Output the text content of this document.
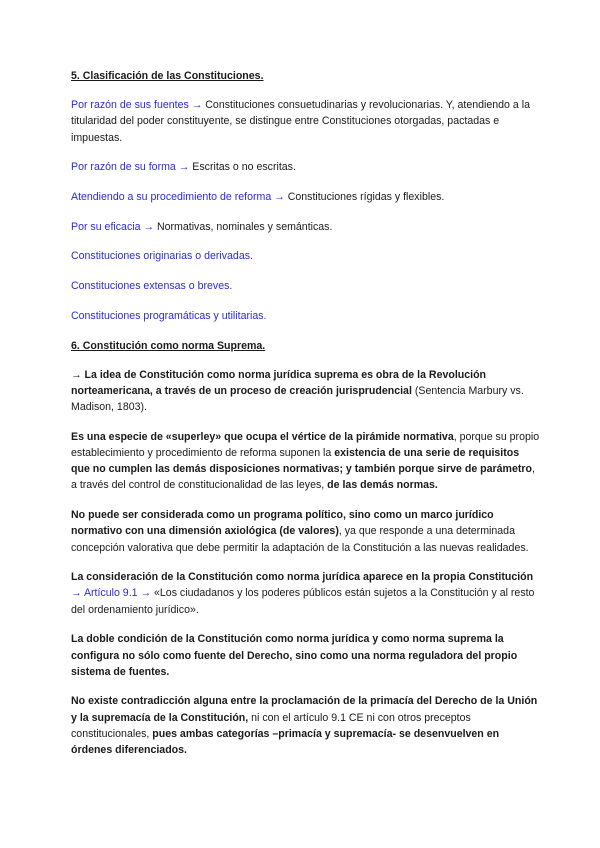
5. Clasificación de las Constituciones.
Por razón de sus fuentes → Constituciones consuetudinarias y revolucionarias. Y, atendiendo a la titularidad del poder constituyente, se distingue entre Constituciones otorgadas, pactadas e impuestas.
Por razón de su forma → Escritas o no escritas.
Atendiendo a su procedimiento de reforma → Constituciones rígidas y flexibles.
Por su eficacia → Normativas, nominales y semánticas.
Constituciones originarias o derivadas.
Constituciones extensas o breves.
Constituciones programáticas y utilitarias.
6. Constitución como norma Suprema.
→ La idea de Constitución como norma jurídica suprema es obra de la Revolución norteamericana, a través de un proceso de creación jurisprudencial (Sentencia Marbury vs. Madison, 1803).
Es una especie de «superley» que ocupa el vértice de la pirámide normativa, porque su propio establecimiento y procedimiento de reforma suponen la existencia de una serie de requisitos que no cumplen las demás disposiciones normativas; y también porque sirve de parámetro, a través del control de constitucionalidad de las leyes, de las demás normas.
No puede ser considerada como un programa político, sino como un marco jurídico normativo con una dimensión axiológica (de valores), ya que responde a una determinada concepción valorativa que debe permitir la adaptación de la Constitución a las nuevas realidades.
La consideración de la Constitución como norma jurídica aparece en la propia Constitución → Artículo 9.1 → «Los ciudadanos y los poderes públicos están sujetos a la Constitución y al resto del ordenamiento jurídico».
La doble condición de la Constitución como norma jurídica y como norma suprema la configura no sólo como fuente del Derecho, sino como una norma reguladora del propio sistema de fuentes.
No existe contradicción alguna entre la proclamación de la primacía del Derecho de la Unión y la supremacía de la Constitución, ni con el artículo 9.1 CE ni con otros preceptos constitucionales, pues ambas categorías –primacía y supremacía- se desenvuelven en órdenes diferenciados.
